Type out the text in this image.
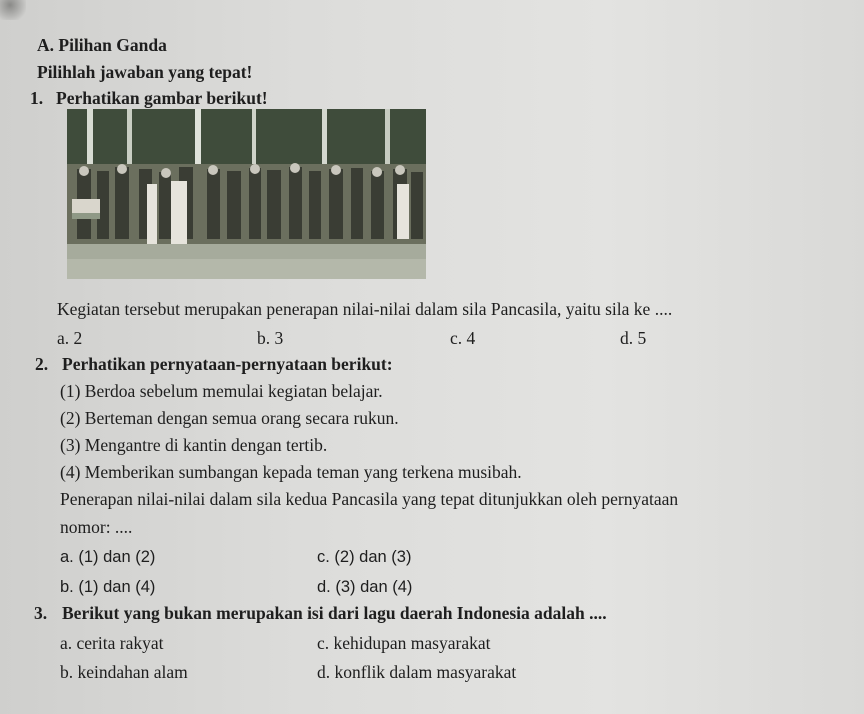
A. Pilihan Ganda
Pilihlah jawaban yang tepat!
1. Perhatikan gambar berikut!
Kegiatan tersebut merupakan penerapan nilai-nilai dalam sila Pancasila, yaitu sila ke ....
a. 2	b. 3	c. 4	d. 5
2. Perhatikan pernyataan-pernyataan berikut:
(1) Berdoa sebelum memulai kegiatan belajar.
(2) Berteman dengan semua orang secara rukun.
(3) Mengantre di kantin dengan tertib.
(4) Memberikan sumbangan kepada teman yang terkena musibah.
Penerapan nilai-nilai dalam sila kedua Pancasila yang tepat ditunjukkan oleh pernyataan
nomor: ....
a. (1) dan (2)	c. (2) dan (3)
b. (1) dan (4)	d. (3) dan (4)
3. Berikut yang bukan merupakan isi dari lagu daerah Indonesia adalah ....
a. cerita rakyat	c. kehidupan masyarakat
b. keindahan alam	d. konflik dalam masyarakat
